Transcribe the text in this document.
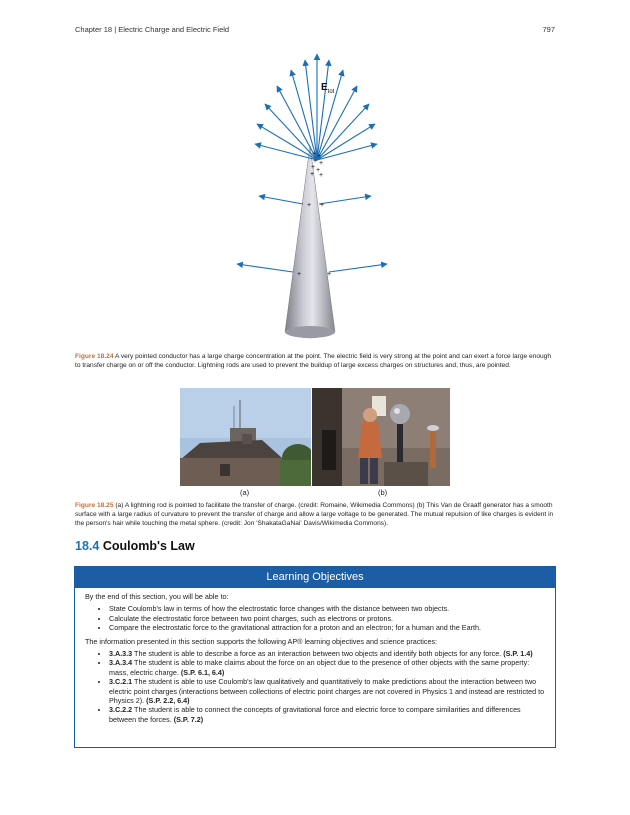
Chapter 18 | Electric Charge and Electric Field	797
$E_{tot}$
+ +
+ +
+ +
+ +
+ +
+	+
Figure 18.24 A very pointed conductor has a large charge concentration at the point. The electric field is very strong at the point and can exert a force large enough to transfer charge on or off the conductor. Lightning rods are used to prevent the buildup of large excess charges on structures and, thus, are pointed.
(a)	(b)
Figure 18.25 (a) A lightning rod is pointed to facilitate the transfer of charge. (credit: Romaine, Wikimedia Commons) (b) This Van de Graaff generator has a smooth surface with a large radius of curvature to prevent the transfer of charge and allow a large voltage to be generated. The mutual repulsion of like charges is evident in the person's hair while touching the metal sphere. (credit: Jon 'ShakataGaNai' Davis/Wikimedia Commons).
18.4 Coulomb's Law
Learning Objectives

By the end of this section, you will be able to:

• State Coulomb's law in terms of how the electrostatic force changes with the distance between two objects.
• Calculate the electrostatic force between two point charges, such as electrons or protons.
• Compare the electrostatic force to the gravitational attraction for a proton and an electron; for a human and the Earth.

The information presented in this section supports the following AP® learning objectives and science practices:

• 3.A.3.3 The student is able to describe a force as an interaction between two objects and identify both objects for any force. (S.P. 1.4)
• 3.A.3.4 The student is able to make claims about the force on an object due to the presence of other objects with the same property: mass, electric charge. (S.P. 6.1, 6.4)
• 3.C.2.1 The student is able to use Coulomb's law qualitatively and quantitatively to make predictions about the interaction between two electric point charges (interactions between collections of electric point charges are not covered in Physics 1 and instead are restricted to Physics 2). (S.P. 2.2, 6.4)
• 3.C.2.2 The student is able to connect the concepts of gravitational force and electric force to compare similarities and differences between the forces. (S.P. 7.2)
